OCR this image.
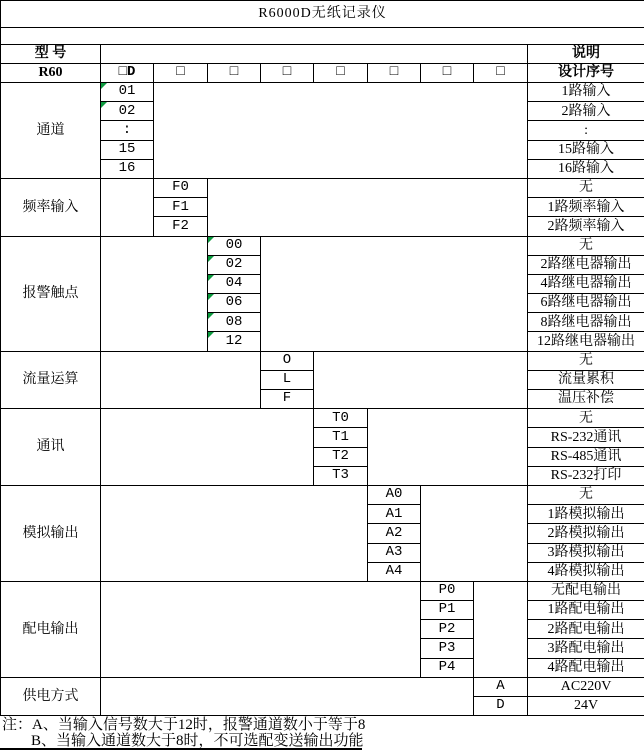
R6000D无纸记录仪									

型 号									说明
R60	□D	□	□	□	□	□	□	□	设计序号
通道	01								1路输入
	02								2路输入
	:								:
	15								15路输入
	16								16路输入
频率输入		F0							无
		F1							1路频率输入
		F2							2路频率输入
报警触点			00						无
			02						2路继电器输出
			04						4路继电器输出
			06						6路继电器输出
			08						8路继电器输出
			12						12路继电器输出
流量运算				O					无
				L					流量累积
				F					温压补偿
通讯					T0				无
					T1				RS-232通讯
					T2				RS-485通讯
					T3				RS-232打印
模拟输出						A0			无
						A1			1路模拟输出
						A2			2路模拟输出
						A3			3路模拟输出
						A4			4路模拟输出
配电输出							P0		无配电输出
							P1		1路配电输出
							P2		2路配电输出
							P3		3路配电输出
							P4		4路配电输出
供电方式								A	AC220V
								D	24V
注：A、当输入信号数大于12时，报警通道数小于等于8
B、当输入通道数大于8时，不可选配变送输出功能
